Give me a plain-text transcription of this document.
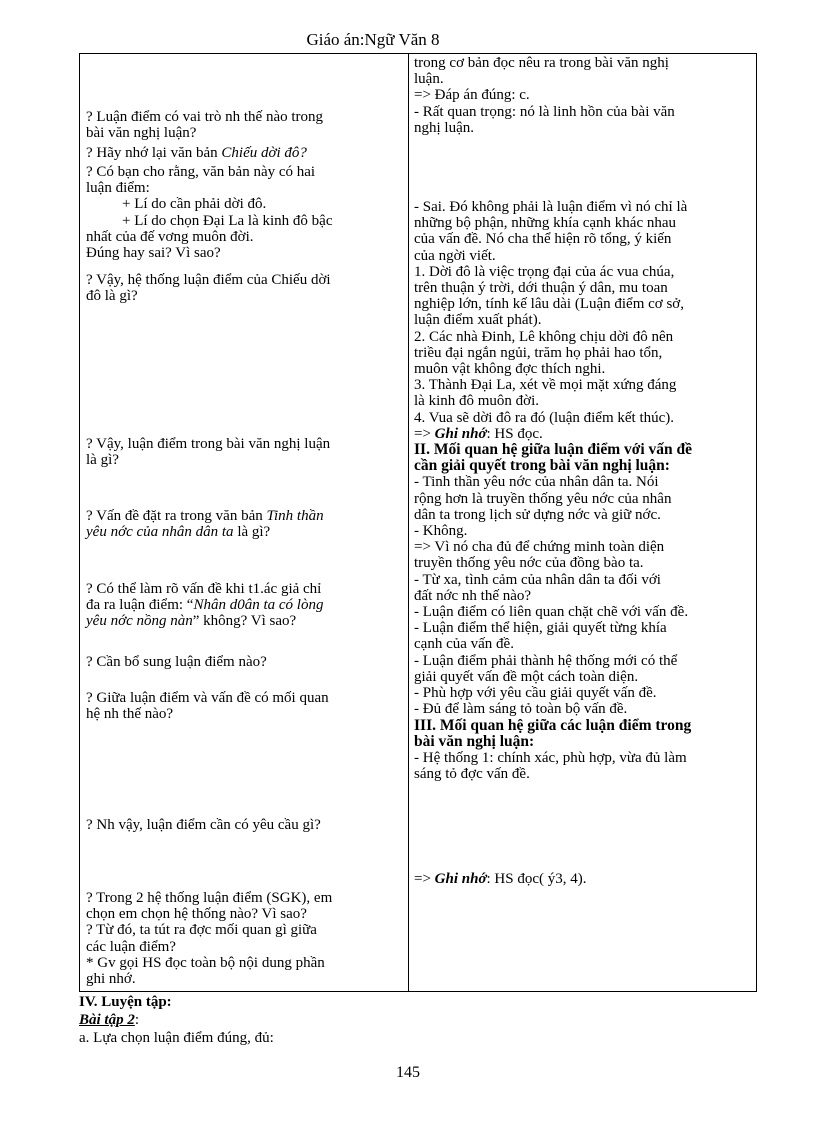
Giáo án:Ngữ Văn 8
? Luận điểm có vai trò nh thế nào trong
bài văn nghị luận?
? Hãy nhớ lại văn bản Chiếu dời đô?
? Có bạn cho rằng, văn bản này có hai
luận điểm:
+ Lí do cần phải dời đô.
+ Lí do chọn Đại La là kinh đô bậc
nhất của đế vơng muôn đời.
Đúng hay sai? Vì sao?
? Vậy, hệ thống luận điểm của Chiếu dời
đô là gì?
? Vậy, luận điểm trong bài văn nghị luận
là gì?
? Vấn đề đặt ra trong văn bản Tinh thần
yêu nớc của nhân dân ta là gì?
? Có thể làm rõ vấn đề khi t1.ác giả chỉ
đa ra luận điểm: “Nhân d0ân ta có lòng
yêu nớc nồng nàn” không? Vì sao?
? Cần bổ sung luận điểm nào?
? Giữa luận điểm và vấn đề có mối quan
hệ nh thế nào?
? Nh vậy, luận điểm cần có yêu cầu gì?
? Trong 2 hệ thống luận điểm (SGK), em
chọn em chọn hệ thống nào? Vì sao?
? Từ đó, ta tút ra đợc mối quan gì giữa
các luận điểm?
* Gv gọi HS đọc toàn bộ nội dung phần
ghi nhớ.
trong cơ bản đọc nêu ra trong bài văn nghị
luận.
=> Đáp án đúng: c.
- Rất quan trọng: nó là linh hồn của bài văn
nghị luận.
- Sai. Đó không phải là luận điểm vì nó chỉ là
những bộ phận, những khía cạnh khác nhau
của vấn đề. Nó cha thể hiện rõ tổng, ý kiến
của ngời viết.
1. Dời đô là việc trọng đại của ác vua chúa,
trên thuận ý trời, dới thuận ý dân, mu toan
nghiệp lớn, tính kế lâu dài (Luận điểm cơ sở,
luận điểm xuất phát).
2. Các nhà Đinh, Lê không chịu dời đô nên
triều đại ngắn ngủi, trăm họ phải hao tổn,
muôn vật không đợc thích nghi.
3. Thành Đại La, xét về mọi mặt xứng đáng
là kinh đô muôn đời.
4. Vua sẽ dời đô ra đó (luận điểm kết thúc).
=> Ghi nhớ: HS đọc.
II. Mối quan hệ giữa luận điểm với vấn đề
cần giải quyết trong bài văn nghị luận:
- Tinh thần yêu nớc của nhân dân ta. Nói
rộng hơn là truyền thống yêu nớc của nhân
dân ta trong lịch sử dựng nớc và giữ nớc.
- Không.
=> Vì nó cha đủ để chứng minh toàn diện
truyền thống yêu nớc của đồng bào ta.
- Từ xa, tình cảm của nhân dân ta đối với
đất nớc nh thế nào?
- Luận điểm có liên quan chặt chẽ với vấn đề.
- Luận điểm thể hiện, giải quyết từng khía
cạnh của vấn đề.
- Luận điểm phải thành hệ thống mới có thể
giải quyết vấn đề một cách toàn diện.
- Phù hợp với yêu cầu giải quyết vấn đề.
- Đủ để làm sáng tỏ toàn bộ vấn đề.
III. Mối quan hệ giữa các luận điểm trong
bài văn nghị luận:
- Hệ thống 1: chính xác, phù hợp, vừa đủ làm
sáng tỏ đợc vấn đề.
=> Ghi nhớ: HS đọc( ý3, 4).
IV. Luyện tập:
Bài tập 2:
a. Lựa chọn luận điểm đúng, đủ:
145
